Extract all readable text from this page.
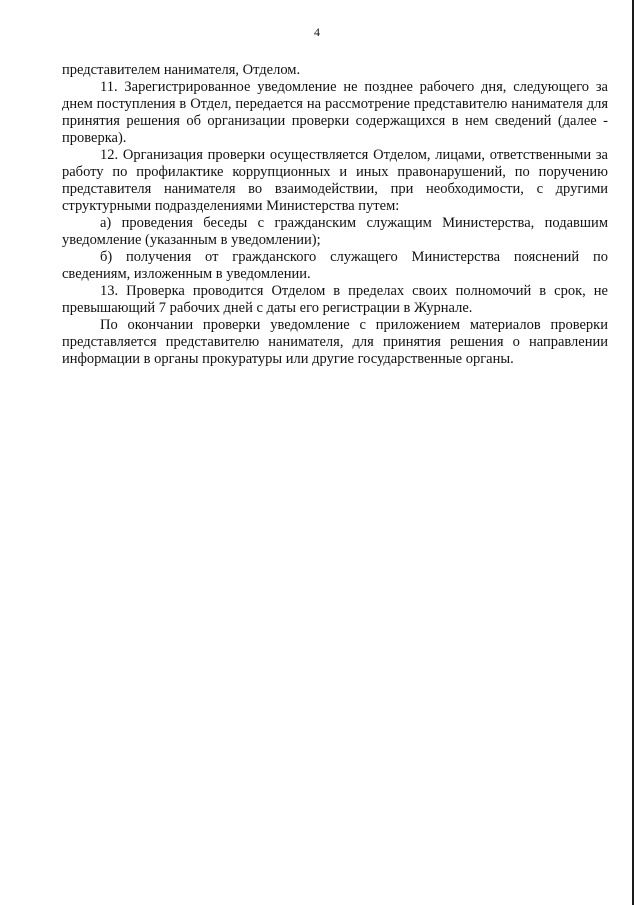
4

представителем нанимателя, Отделом.

11. Зарегистрированное уведомление не позднее рабочего дня, следующего за днем поступления в Отдел, передается на рассмотрение представителю нанимателя для принятия решения об организации проверки содержащихся в нем сведений (далее - проверка).

12. Организация проверки осуществляется Отделом, лицами, ответственными за работу по профилактике коррупционных и иных правонарушений, по поручению представителя нанимателя во взаимодействии, при необходимости, с другими структурными подразделениями Министерства путем:

а) проведения беседы с гражданским служащим Министерства, подавшим уведомление (указанным в уведомлении);

б) получения от гражданского служащего Министерства пояснений по сведениям, изложенным в уведомлении.

13. Проверка проводится Отделом в пределах своих полномочий в срок, не превышающий 7 рабочих дней с даты его регистрации в Журнале.

По окончании проверки уведомление с приложением материалов проверки представляется представителю нанимателя, для принятия решения о направлении информации в органы прокуратуры или другие государственные органы.
